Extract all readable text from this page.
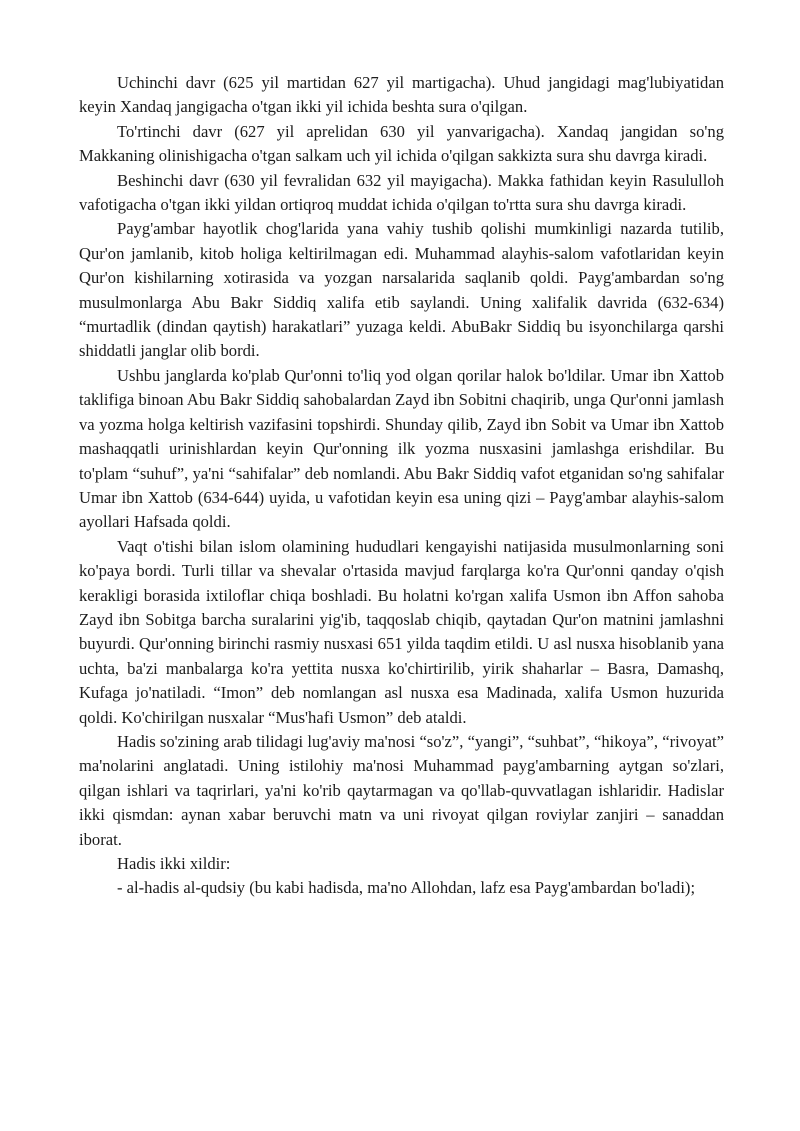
Uchinchi davr (625 yil martidan 627 yil martigacha). Uhud jangidagi mag'lubiyatidan keyin Xandaq jangigacha o'tgan ikki yil ichida beshta sura o'qilgan.

To'rtinchi davr (627 yil aprelidan 630 yil yanvarigacha). Xandaq jangidan so'ng Makkaning olinishigacha o'tgan salkam uch yil ichida o'qilgan sakkizta sura shu davrga kiradi.

Beshinchi davr (630 yil fevralidan 632 yil mayigacha). Makka fathidan keyin Rasululloh vafotigacha o'tgan ikki yildan ortiqroq muddat ichida o'qilgan to'rtta sura shu davrga kiradi.

Payg'ambar hayotlik chog'larida yana vahiy tushib qolishi mumkinligi nazarda tutilib, Qur'on jamlanib, kitob holiga keltirilmagan edi. Muhammad alayhis-salom vafotlaridan keyin Qur'on kishilarning xotirasida va yozgan narsalarida saqlanib qoldi. Payg'ambardan so'ng musulmonlarga Abu Bakr Siddiq xalifa etib saylandi. Uning xalifalik davrida (632-634) “murtadlik (dindan qaytish) harakatlari” yuzaga keldi. AbuBakr Siddiq bu isyonchilarga qarshi shiddatli janglar olib bordi.

Ushbu janglarda ko'plab Qur'onni to'liq yod olgan qorilar halok bo'ldilar. Umar ibn Xattob taklifiga binoan Abu Bakr Siddiq sahobalardan Zayd ibn Sobitni chaqirib, unga Qur'onni jamlash va yozma holga keltirish vazifasini topshirdi. Shunday qilib, Zayd ibn Sobit va Umar ibn Xattob mashaqqatli urinishlardan keyin Qur'onning ilk yozma nusxasini jamlashga erishdilar. Bu to'plam “suhuf”, ya'ni “sahifalar” deb nomlandi. Abu Bakr Siddiq vafot etganidan so'ng sahifalar Umar ibn Xattob (634-644) uyida, u vafotidan keyin esa uning qizi – Payg'ambar alayhis-salom ayollari Hafsada qoldi.

Vaqt o'tishi bilan islom olamining hududlari kengayishi natijasida musulmonlarning soni ko'paya bordi. Turli tillar va shevalar o'rtasida mavjud farqlarga ko'ra Qur'onni qanday o'qish kerakligi borasida ixtiloflar chiqa boshladi. Bu holatni ko'rgan xalifa Usmon ibn Affon sahoba Zayd ibn Sobitga barcha suralarini yig'ib, taqqoslab chiqib, qaytadan Qur'on matnini jamlashni buyurdi. Qur'onning birinchi rasmiy nusxasi 651 yilda taqdim etildi. U asl nusxa hisoblanib yana uchta, ba'zi manbalarga ko'ra yettita nusxa ko'chirtirilib, yirik shaharlar – Basra, Damashq, Kufaga jo'natiladi. “Imon” deb nomlangan asl nusxa esa Madinada, xalifa Usmon huzurida qoldi. Ko'chirilgan nusxalar “Mus'hafi Usmon” deb ataldi.

Hadis so'zining arab tilidagi lug'aviy ma'nosi “so'z”, “yangi”, “suhbat”, “hikoya”, “rivoyat” ma'nolarini anglatadi. Uning istilohiy ma'nosi Muhammad payg'ambarning aytgan so'zlari, qilgan ishlari va taqrirlari, ya'ni ko'rib qaytarmagan va qo'llab-quvvatlagan ishlaridir. Hadislar ikki qismdan: aynan xabar beruvchi matn va uni rivoyat qilgan roviylar zanjiri – sanaddan iborat.

Hadis ikki xildir:

- al-hadis al-qudsiy (bu kabi hadisda, ma'no Allohdan, lafz esa Payg'ambardan bo'ladi);
